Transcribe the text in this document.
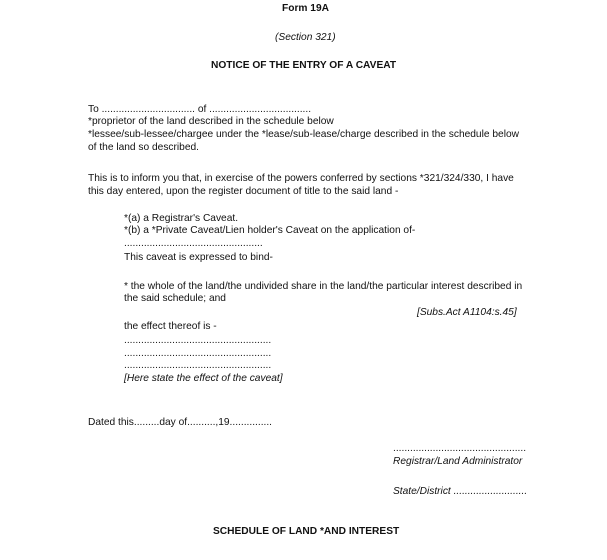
Form 19A
(Section 321)
NOTICE OF THE ENTRY OF A CAVEAT
To ................................. of ....................................
*proprietor of the land described in the schedule below
*lessee/sub-lessee/chargee under the *lease/sub-lease/charge described in the schedule below
of the land so described.
This is to inform you that, in exercise of the powers conferred by sections *321/324/330, I have
this day entered, upon the register document of title to the said land -
*(a) a Registrar's Caveat.
*(b) a *Private Caveat/Lien holder's Caveat on the application of-
.................................................
This caveat is expressed to bind-
* the whole of the land/the undivided share in the land/the particular interest described in
the said schedule; and
[Subs.Act A1104:s.45]
the effect thereof is -
....................................................
....................................................
....................................................
[Here state the effect of the caveat]
Dated this.........day of..........,19...............
...............................................
Registrar/Land Administrator
State/District ..........................
SCHEDULE OF LAND *AND INTEREST
